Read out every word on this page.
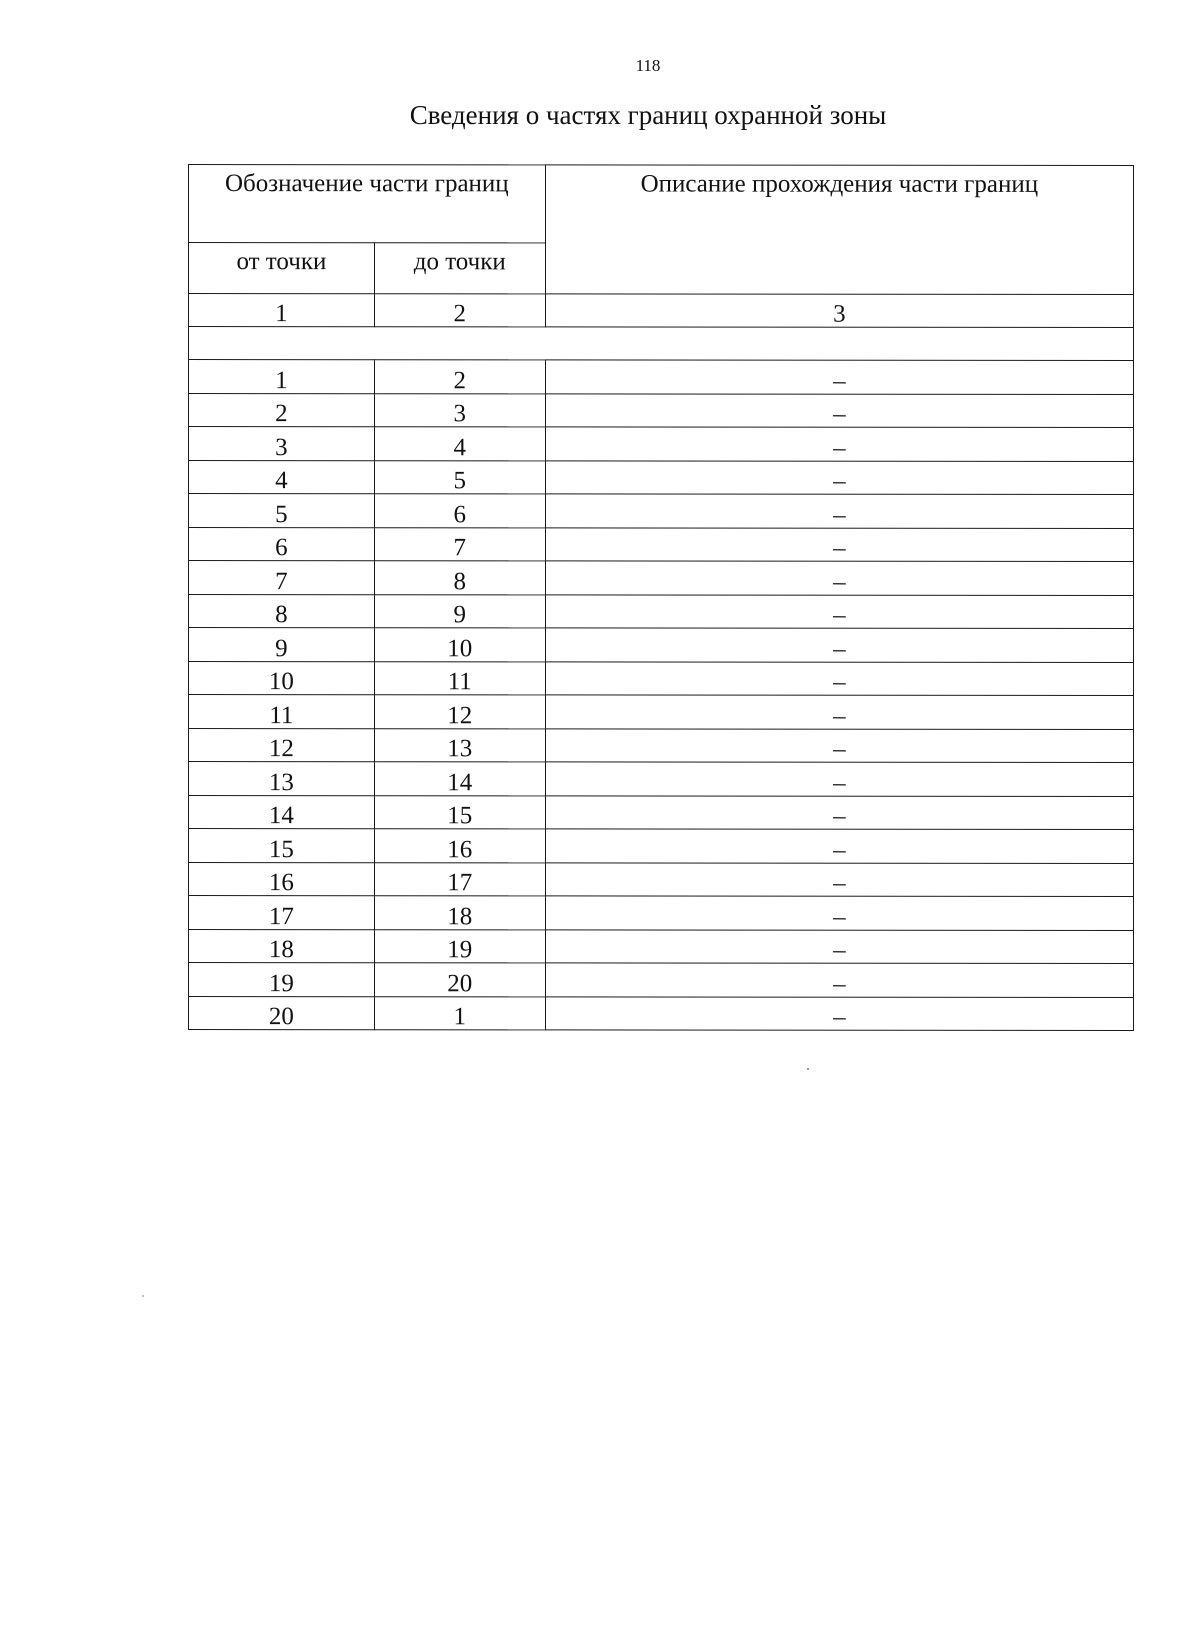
118
Сведения о частях границ охранной зоны
Обозначение части границ		Описание прохождения части границ
от точки	до точки	
1	2	3

1	2	–
2	3	–
3	4	–
4	5	–
5	6	–
6	7	–
7	8	–
8	9	–
9	10	–
10	11	–
11	12	–
12	13	–
13	14	–
14	15	–
15	16	–
16	17	–
17	18	–
18	19	–
19	20	–
20	1	–
